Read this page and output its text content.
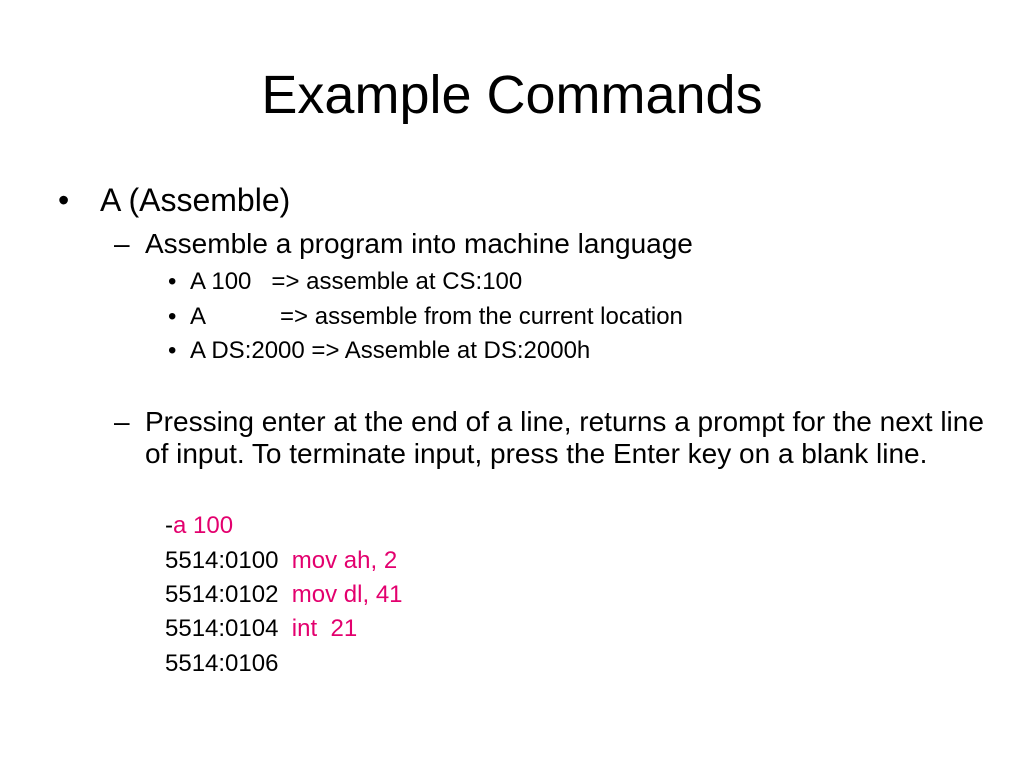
Example Commands
• A (Assemble)
– Assemble a program into machine language
• A 100 => assemble at CS:100
• A	=> assemble from the current location
• A DS:2000 => Assemble at DS:2000h
– Pressing enter at the end of a line, returns a prompt for the next line of input. To terminate input, press the Enter key on a blank line.
-a 100
5514:0100  mov ah, 2
5514:0102  mov dl, 41
5514:0104  int  21
5514:0106
